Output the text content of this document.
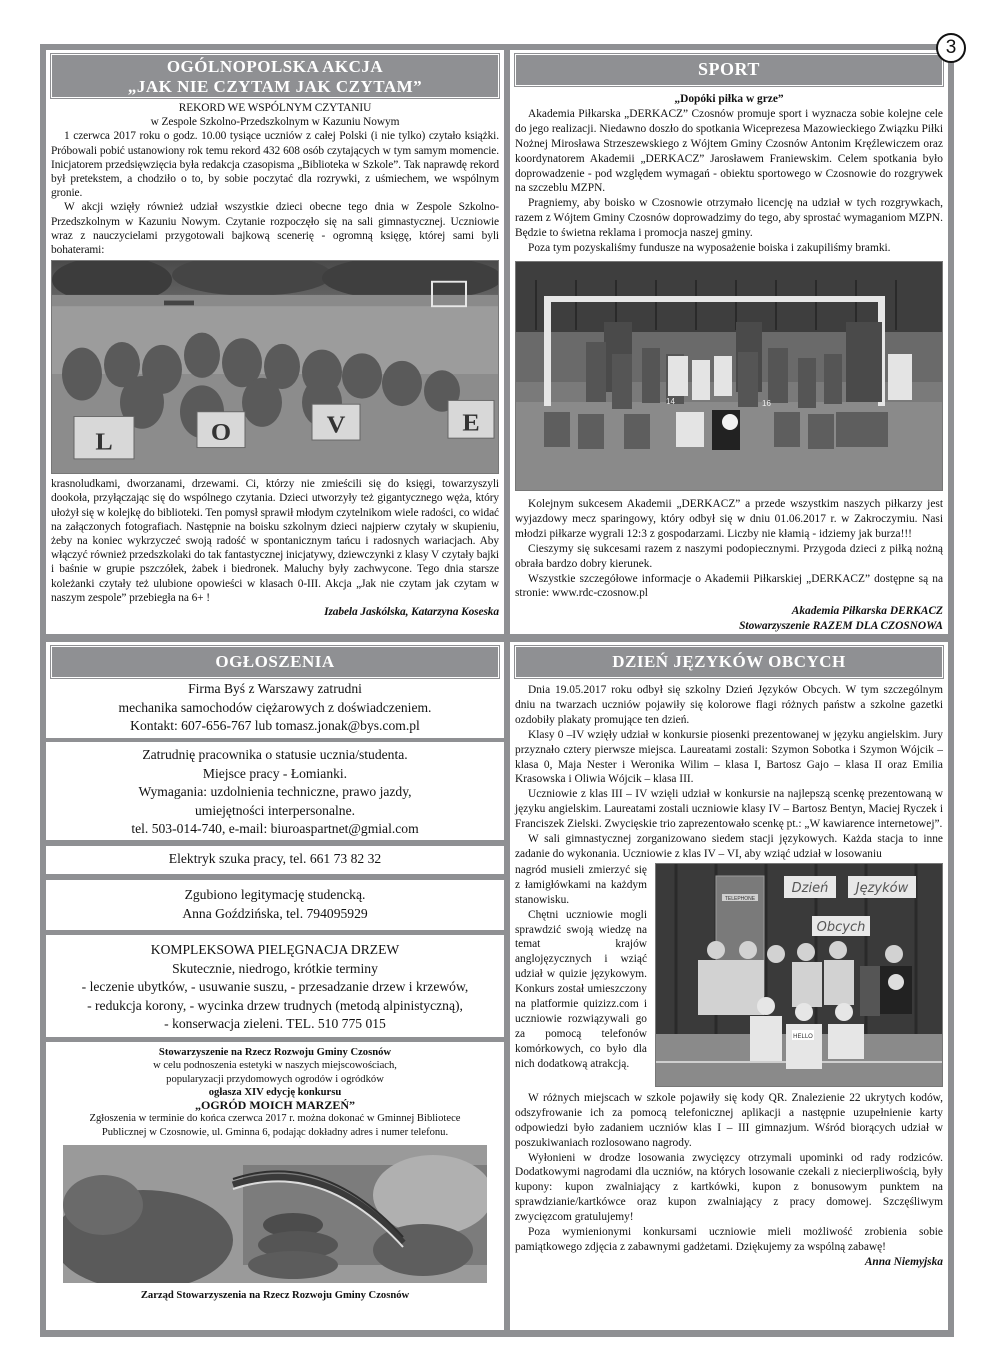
3
OGÓLNOPOLSKA AKCJA
„JAK NIE CZYTAM JAK CZYTAM”
REKORD WE WSPÓLNYM CZYTANIU
w Zespole Szkolno-Przedszkolnym w Kazuniu Nowym

1 czerwca 2017 roku o godz. 10.00 tysiące uczniów z całej Polski (i nie tylko) czytało książki. Próbowali pobić ustanowiony rok temu rekord 432 608 osób czytających w tym samym momencie. Inicjatorem przedsięwzięcia była redakcja czasopisma „Biblioteka w Szkole”. Tak naprawdę rekord był pretekstem, a chodziło o to, by sobie poczytać dla rozrywki, z uśmiechem, we wspólnym gronie.

W akcji wzięły również udział wszystkie dzieci obecne tego dnia w Zespole Szkolno-Przedszkolnym w Kazuniu Nowym. Czytanie rozpoczęło się na sali gimnastycznej. Uczniowie wraz z nauczycielami przygotowali bajkową scenerię - ogromną księgę, której sami byli bohaterami:

L	O	V	E

krasnoludkami, dworzanami, drzewami. Ci, którzy nie zmieścili się do księgi, towarzyszyli dookoła, przyłączając się do wspólnego czytania. Dzieci utworzyły też gigantycznego węża, który ułożył się w kolejkę do biblioteki. Ten pomysł sprawił młodym czytelnikom wiele radości, co widać na załączonych fotografiach. Następnie na boisku szkolnym dzieci najpierw czytały w skupieniu, żeby na koniec wykrzyczeć swoją radość w spontanicznym tańcu i radosnych wariacjach. Aby włączyć również przedszkolaki do tak fantastycznej inicjatywy, dziewczynki z klasy V czytały bajki i baśnie w grupie pszczółek, żabek i biedronek. Maluchy były zachwycone. Tego dnia starsze koleżanki czytały też ulubione opowieści w klasach 0-III. Akcja „Jak nie czytam jak czytam w naszym zespole” przebiegła na 6+ !

Izabela Jaskólska, Katarzyna Koseska
SPORT
„Dopóki piłka w grze”

Akademia Piłkarska „DERKACZ” Czosnów promuje sport i wyznacza sobie kolejne cele do jego realizacji. Niedawno doszło do spotkania Wiceprezesa Mazowieckiego Związku Piłki Nożnej Mirosława Strzeszewskiego z Wójtem Gminy Czosnów Antonim Kręźlewiczem oraz koordynatorem Akademii „DERKACZ” Jarosławem Franiewskim. Celem spotkania było doprowadzenie - pod względem wymagań - obiektu sportowego w Czosnowie do rozgrywek na szczeblu MZPN.

Pragniemy, aby boisko w Czosnowie otrzymało licencję na udział w tych rozgrywkach, razem z Wójtem Gminy Czosnów doprowadzimy do tego, aby sprostać wymaganiom MZPN. Będzie to świetna reklama i promocja naszej gminy.

Poza tym pozyskaliśmy fundusze na wyposażenie boiska i zakupiliśmy bramki.

14	16

Kolejnym sukcesem Akademii „DERKACZ” a przede wszystkim naszych piłkarzy jest wyjazdowy mecz sparingowy, który odbył się w dniu 01.06.2017 r. w Zakroczymiu. Nasi młodzi piłkarze wygrali 12:3 z gospodarzami. Liczby nie kłamią - idziemy jak burza!!!

Cieszymy się sukcesami razem z naszymi podopiecznymi. Przygoda dzieci z piłką nożną obrała bardzo dobry kierunek.

Wszystkie szczegółowe informacje o Akademii Piłkarskiej „DERKACZ” dostępne są na stronie: www.rdc-czosnow.pl

Akademia Piłkarska DERKACZ
Stowarzyszenie RAZEM DLA CZOSNOWA
OGŁOSZENIA
Firma Byś z Warszawy zatrudni
mechanika samochodów ciężarowych z doświadczeniem.
Kontakt: 607-656-767 lub tomasz.jonak@bys.com.pl
Zatrudnię pracownika o statusie ucznia/studenta.
Miejsce pracy - Łomianki.
Wymagania: uzdolnienia techniczne, prawo jazdy,
umiejętności interpersonalne.
tel. 503-014-740, e-mail: biuroaspartnet@gmial.com
Elektryk szuka pracy, tel. 661 73 82 32
Zgubiono legitymację studencką.
Anna Goździńska, tel. 794095929
KOMPLEKSOWA PIELĘGNACJA DRZEW
Skutecznie, niedrogo, krótkie terminy
- leczenie ubytków, - usuwanie suszu, - przesadzanie drzew i krzewów,
- redukcja korony, - wycinka drzew trudnych (metodą alpinistyczną),
- konserwacja zieleni. TEL. 510 775 015
Stowarzyszenie na Rzecz Rozwoju Gminy Czosnów
w celu podnoszenia estetyki w naszych miejscowościach,
popularyzacji przydomowych ogrodów i ogródków
ogłasza XIV edycję konkursu
„OGRÓD MOICH MARZEŃ”
Zgłoszenia w terminie do końca czerwca 2017 r. można dokonać w Gminnej Bibliotece
Publicznej w Czosnowie, ul. Gminna 6, podając dokładny adres i numer telefonu.
Zarząd Stowarzyszenia na Rzecz Rozwoju Gminy Czosnów
DZIEŃ JĘZYKÓW OBCYCH

Dnia 19.05.2017 roku odbył się szkolny Dzień Języków Obcych. W tym szczególnym dniu na twarzach uczniów pojawiły się kolorowe flagi różnych państw a szkolne gazetki ozdobiły plakaty promujące ten dzień.

Klasy 0 –IV wzięły udział w konkursie piosenki prezentowanej w języku angielskim. Jury przyznało cztery pierwsze miejsca. Laureatami zostali: Szymon Sobotka i Szymon Wójcik – klasa 0, Maja Nester i Weronika Wilim – klasa I, Bartosz Gajo – klasa II oraz Emilia Krasowska i Oliwia Wójcik – klasa III.

Uczniowie z klas III – IV wzięli udział w konkursie na najlepszą scenkę prezentowaną w języku angielskim. Laureatami zostali uczniowie klasy IV – Bartosz Bentyn, Maciej Ryczek i Franciszek Zielski. Zwycięskie trio zaprezentowało scenkę pt.: „W kawiarence internetowej”.

W sali gimnastycznej zorganizowano siedem stacji językowych. Każda stacja to inne zadanie do wykonania. Uczniowie z klas IV – VI, aby wziąć udział w losowaniu

nagród musieli zmierzyć się z łamigłówkami na każdym stanowisku.

Chętni uczniowie mogli sprawdzić swoją wiedzę na temat krajów anglojęzycznych i wziąć udział w quizie językowym. Konkurs został umieszczony na platformie quizizz.com i uczniowie rozwiązywali go za pomocą telefonów komórkowych, co było dla nich dodatkową atrakcją.

TELEPHONE
Dzień Języków
Obcych
HELLO

W różnych miejscach w szkole pojawiły się kody QR. Znalezienie 22 ukrytych kodów, odszyfrowanie ich za pomocą telefonicznej aplikacji a następnie uzupełnienie karty odpowiedzi było zadaniem uczniów klas I – III gimnazjum. Wśród biorących udział w poszukiwaniach rozlosowano nagrody.

Wyłonieni w drodze losowania zwycięzcy otrzymali upominki od rady rodziców. Dodatkowymi nagrodami dla uczniów, na których losowanie czekali z niecierpliwością, były kupony: kupon zwalniający z kartkówki, kupon z bonusowym punktem na sprawdzianie/kartkówce oraz kupon zwalniający z pracy domowej. Szczęśliwym zwycięzcom gratulujemy!

Poza wymienionymi konkursami uczniowie mieli możliwość zrobienia sobie pamiątkowego zdjęcia z zabawnymi gadżetami. Dziękujemy za wspólną zabawę!

Anna Niemyjska
